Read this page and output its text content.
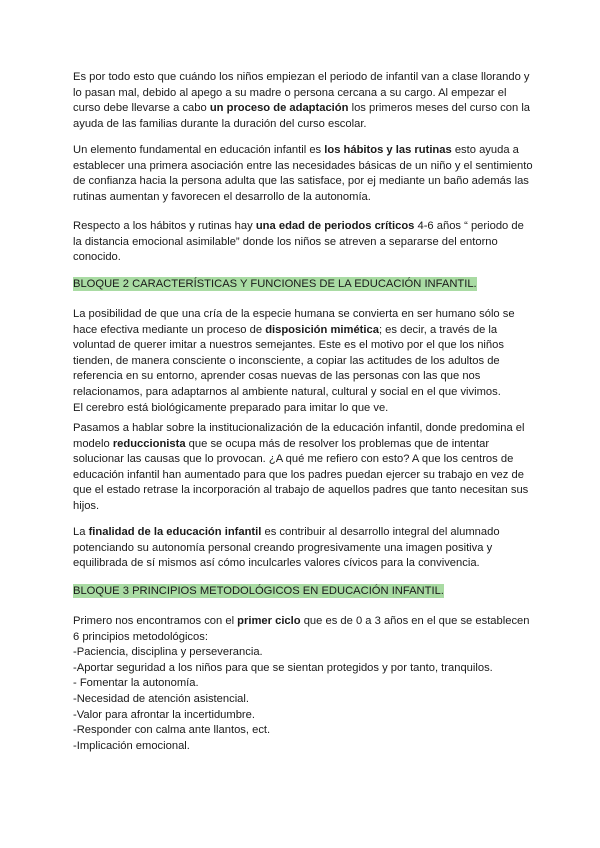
Es por todo esto que cuándo los niños empiezan el periodo de infantil van a clase llorando y lo pasan mal, debido al apego a su madre o persona cercana a su cargo. Al empezar el curso debe llevarse a cabo un proceso de adaptación los primeros meses del curso con la ayuda de las familias durante la duración del curso escolar.

Un elemento fundamental en educación infantil es los hábitos y las rutinas esto ayuda a establecer una primera asociación entre las necesidades básicas de un niño y el sentimiento de confianza hacia la persona adulta que las satisface, por ej mediante un baño además las rutinas aumentan y favorecen el desarrollo de la autonomía.

Respecto a los hábitos y rutinas hay una edad de periodos críticos 4-6 años “ periodo de la distancia emocional asimilable” donde los niños se atreven a separarse del entorno conocido.

BLOQUE 2 CARACTERÍSTICAS Y FUNCIONES DE LA EDUCACIÓN INFANTIL.

La posibilidad de que una cría de la especie humana se convierta en ser humano sólo se hace efectiva mediante un proceso de disposición mimética; es decir, a través de la voluntad de querer imitar a nuestros semejantes. Este es el motivo por el que los niños tienden, de manera consciente o inconsciente, a copiar las actitudes de los adultos de referencia en su entorno, aprender cosas nuevas de las personas con las que nos relacionamos, para adaptarnos al ambiente natural, cultural y social en el que vivimos.
El cerebro está biológicamente preparado para imitar lo que ve.

Pasamos a hablar sobre la institucionalización de la educación infantil, donde predomina el modelo reduccionista que se ocupa más de resolver los problemas que de intentar solucionar las causas que lo provocan. ¿A qué me refiero con esto? A que los centros de educación infantil han aumentado para que los padres puedan ejercer su trabajo en vez de que el estado retrase la incorporación al trabajo de aquellos padres que tanto necesitan sus hijos.

La finalidad de la educación infantil es contribuir al desarrollo integral del alumnado potenciando su autonomía personal creando progresivamente una imagen positiva y equilibrada de sí mismos así cómo inculcarles valores cívicos para la convivencia.

BLOQUE 3 PRINCIPIOS METODOLÓGICOS EN EDUCACIÓN INFANTIL.

Primero nos encontramos con el primer ciclo que es de 0 a 3 años en el que se establecen 6 principios metodológicos:
-Paciencia, disciplina y perseverancia.
-Aportar seguridad a los niños para que se sientan protegidos y por tanto, tranquilos.
- Fomentar la autonomía.
-Necesidad de atención asistencial.
-Valor para afrontar la incertidumbre.
-Responder con calma ante llantos, ect.
-Implicación emocional.
